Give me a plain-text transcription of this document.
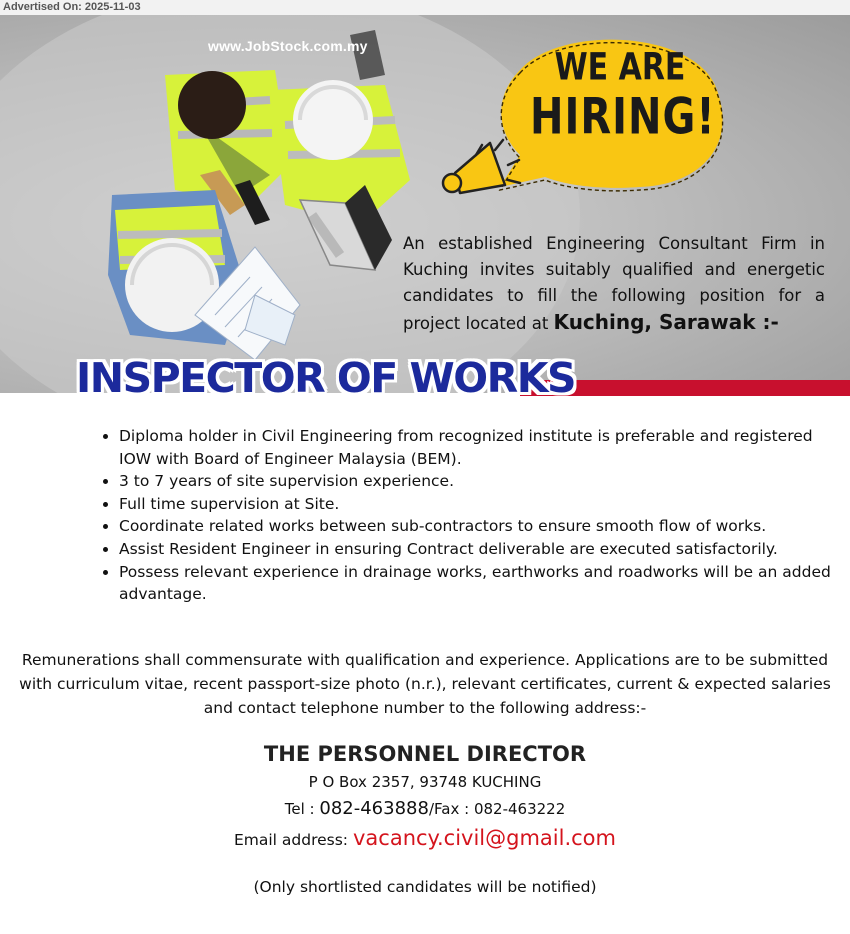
Advertised On: 2025-11-03
WE ARE
HIRING!
www.JobStock.com.my
An established Engineering Consultant Firm in Kuching invites suitably qualified and energetic candidates to fill the following position for a project located at Kuching, Sarawak :-
INSPECTOR OF WORKS
• Diploma holder in Civil Engineering from recognized institute is preferable and registered IOW with Board of Engineer Malaysia (BEM).
• 3 to 7 years of site supervision experience.
• Full time supervision at Site.
• Coordinate related works between sub-contractors to ensure smooth flow of works.
• Assist Resident Engineer in ensuring Contract deliverable are executed satisfactorily.
• Possess relevant experience in drainage works, earthworks and roadworks will be an added advantage.
Remunerations shall commensurate with qualification and experience. Applications are to be submitted with curriculum vitae, recent passport-size photo (n.r.), relevant certificates, current & expected salaries and contact telephone number to the following address:-
THE PERSONNEL DIRECTOR
P O Box 2357, 93748 KUCHING
Tel : 082-463888/Fax : 082-463222
Email address: vacancy.civil@gmail.com
(Only shortlisted candidates will be notified)
